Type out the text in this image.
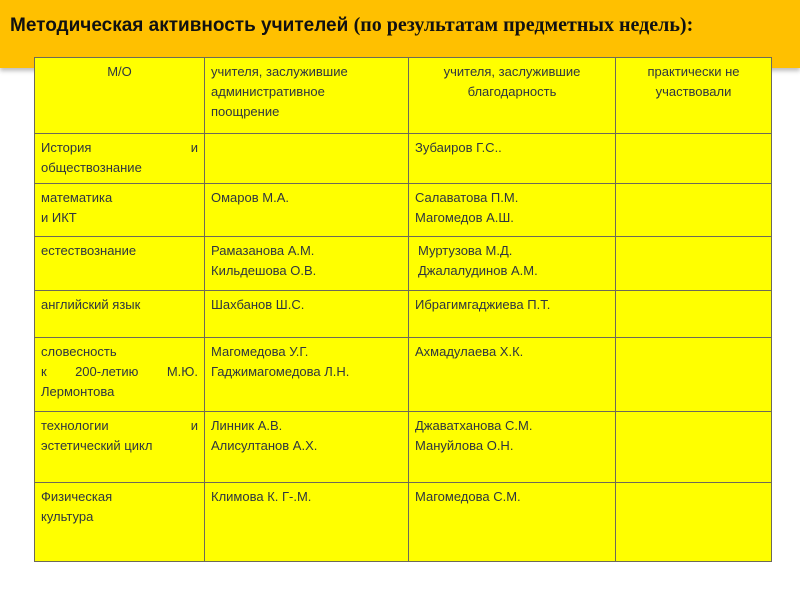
Методическая активность учителей (по результатам предметных недель):
М/О	учителя, заслужившие
административное
поощрение	учителя, заслужившие
благодарность	практически не
участвовали

История и
обществознание		Зубаиров Г.С..	

математика
и ИКТ	Омаров М.А.	Салаватова П.М.
Магомедов А.Ш.	

естествознание	Рамазанова А.М.
Кильдешова О.В.	Муртузова М.Д.
Джалалудинов А.М.	

английский язык	Шахбанов Ш.С.	Ибрагимгаджиева П.Т.	

словесность
к 200-летию М.Ю.
Лермонтова	Магомедова У.Г.
Гаджимагомедова Л.Н.	Ахмадулаева Х.К.	

технологии и
эстетический цикл	Линник А.В.
Алисултанов А.Х.	Джаватханова С.М.
Мануйлова О.Н.	

Физическая
культура	Климова К. Г-.М.	Магомедова С.М.	
